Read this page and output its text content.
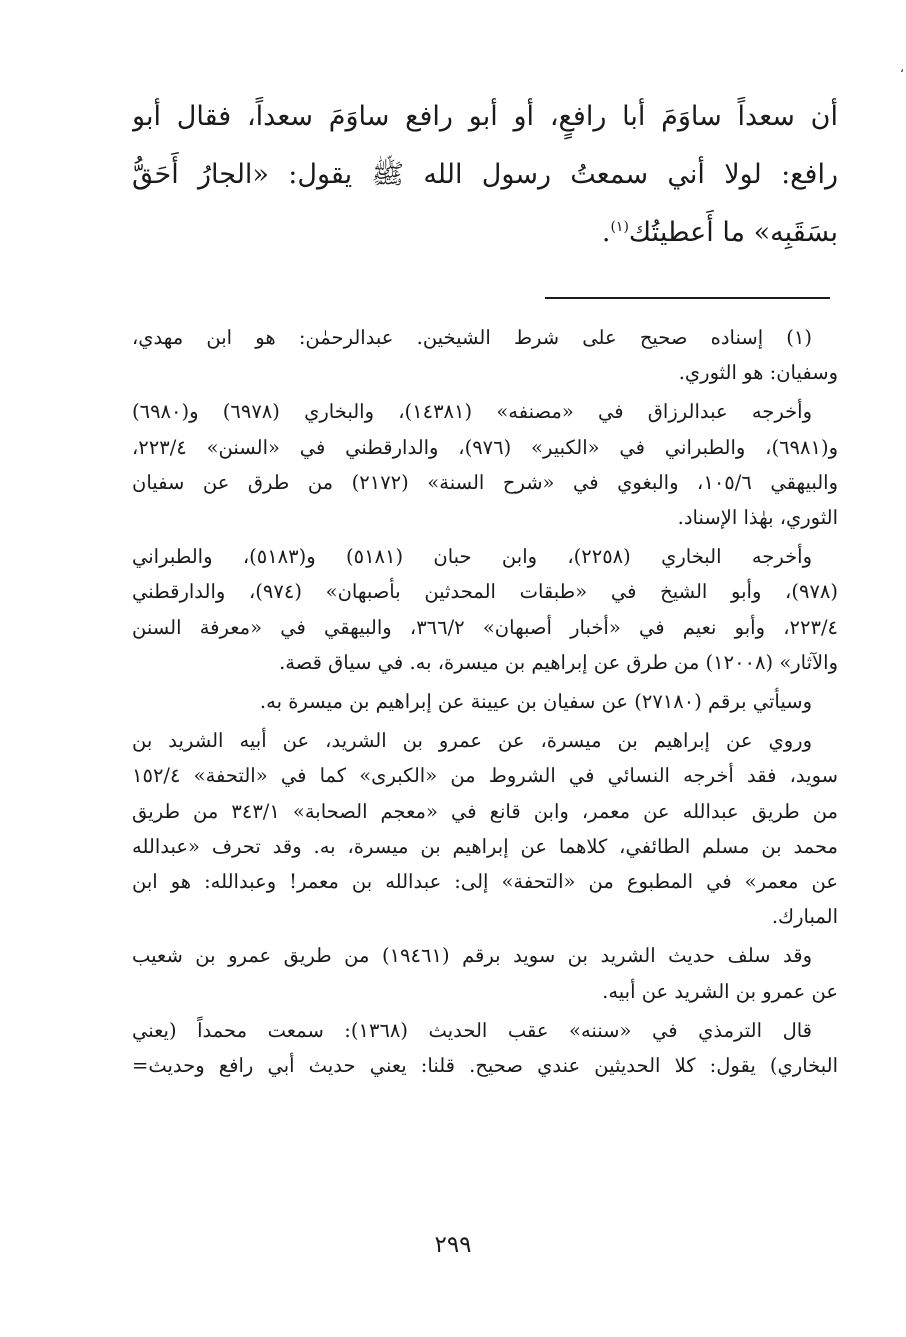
،
أن سعداً ساوَمَ أبا رافعٍ، أو أبو رافع ساوَمَ سعداً، فقال أبو
رافع: لولا أني سمعتُ رسول الله ﷺ يقول: «الجارُ أَحَقُّ
بسَقَبِه» ما أَعطيتُك$^{(١)}$.
(١) إسناده صحيح على شرط الشيخين. عبدالرحمٰن: هو ابن مهدي،
وسفيان: هو الثوري.
وأخرجه عبدالرزاق في «مصنفه» (١٤٣٨١)، والبخاري (٦٩٧٨) و(٦٩٨٠)
و(٦٩٨١)، والطبراني في «الكبير» (٩٧٦)، والدارقطني في «السنن» ٢٢٣/٤،
والبيهقي ١٠٥/٦، والبغوي في «شرح السنة» (٢١٧٢) من طرق عن سفيان
الثوري، بهٰذا الإسناد.
وأخرجه البخاري (٢٢٥٨)، وابن حبان (٥١٨١) و(٥١٨٣)، والطبراني
(٩٧٨)، وأبو الشيخ في «طبقات المحدثين بأصبهان» (٩٧٤)، والدارقطني
٢٢٣/٤، وأبو نعيم في «أخبار أصبهان» ٣٦٦/٢، والبيهقي في «معرفة السنن
والآثار» (١٢٠٠٨) من طرق عن إبراهيم بن ميسرة، به. في سياق قصة.
وسيأتي برقم (٢٧١٨٠) عن سفيان بن عيينة عن إبراهيم بن ميسرة به.
وروي عن إبراهيم بن ميسرة، عن عمرو بن الشريد، عن أبيه الشريد بن
سويد، فقد أخرجه النسائي في الشروط من «الكبرى» كما في «التحفة» ١٥٢/٤
من طريق عبدالله عن معمر، وابن قانع في «معجم الصحابة» ٣٤٣/١ من طريق
محمد بن مسلم الطائفي، كلاهما عن إبراهيم بن ميسرة، به. وقد تحرف «عبدالله
عن معمر» في المطبوع من «التحفة» إلى: عبدالله بن معمر! وعبدالله: هو ابن
المبارك.
وقد سلف حديث الشريد بن سويد برقم (١٩٤٦١) من طريق عمرو بن شعيب
عن عمرو بن الشريد عن أبيه.
قال الترمذي في «سننه» عقب الحديث (١٣٦٨): سمعت محمداً (يعني
البخاري) يقول: كلا الحديثين عندي صحيح. قلنا: يعني حديث أبي رافع وحديث=
٢٩٩
